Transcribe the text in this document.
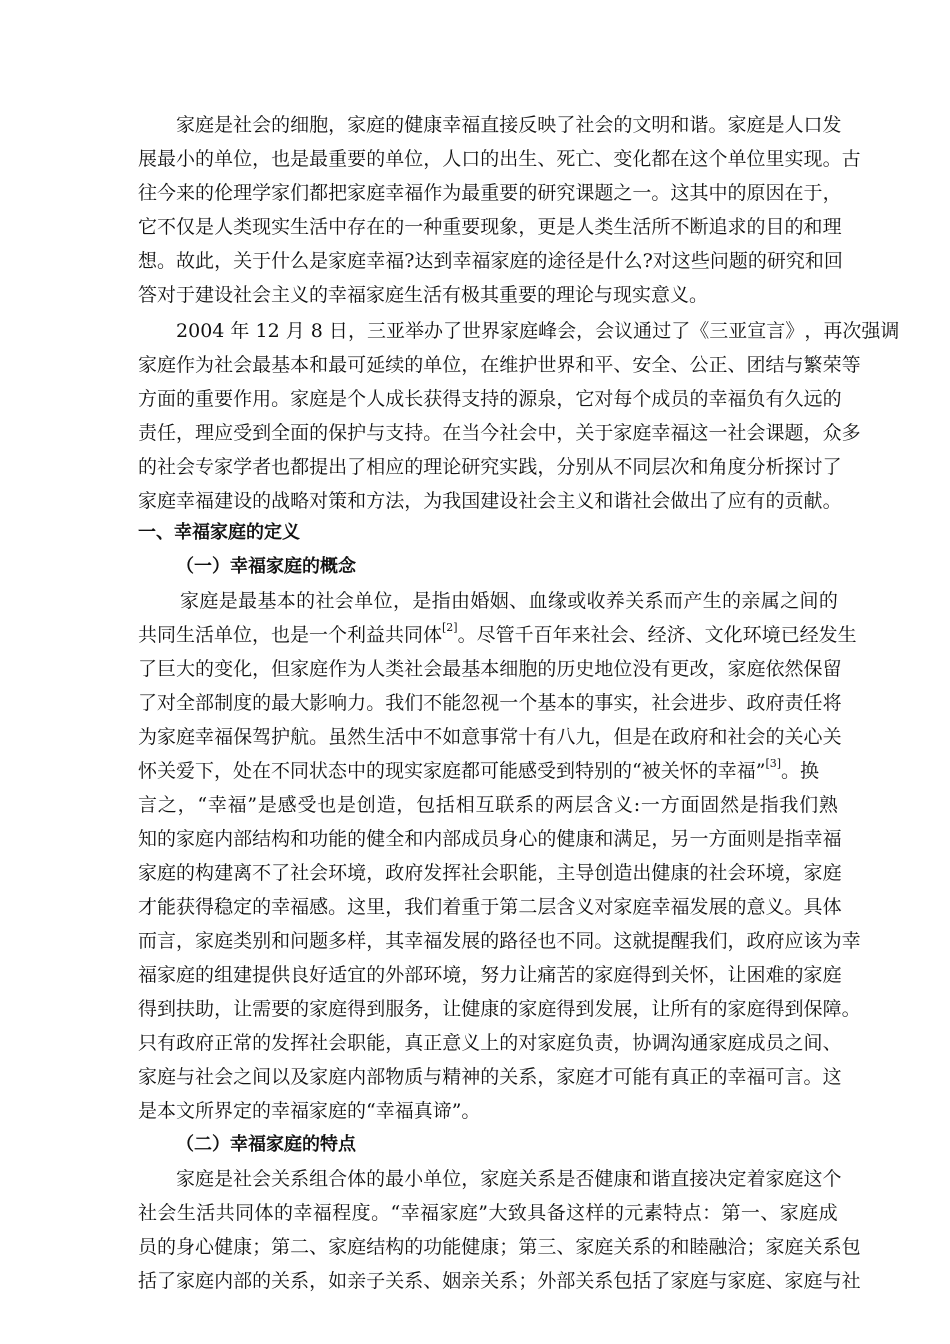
家 庭 是 社 会 的 细 胞 ， 家 庭 的 健 康 幸 福 直 接 反 映 了 社 会 的 文 明 和 谐 。 家 庭 是 人 口 发
展 最 小 的 单 位 ， 也 是 最 重 要 的 单 位 ， 人 口 的 出 生 、 死 亡 、 变 化 都 在 这 个 单 位 里 实 现 。 古
往 今 来 的 伦 理 学 家 们 都 把 家 庭 幸 福 作 为 最 重 要 的 研 究 课 题 之 一 。 这 其 中 的 原 因 在 于 ，
它 不 仅 是 人 类 现 实 生 活 中 存 在 的 一 种 重 要 现 象 ， 更 是 人 类 生 活 所 不 断 追 求 的 目 的 和 理
想 。 故 此 ， 关 于 什 么 是 家 庭 幸 福 ? 达 到 幸 福 家 庭 的 途 径 是 什 么 ? 对 这 些 问 题 的 研 究 和 回
答对于建设社会主义的幸福家庭生活有极其重要的理论与现实意义。
2 0 0 4
年
1 2
月
8
日 ， 三 亚 举 办 了 世 界 家 庭 峰 会 ， 会 议 通 过 了 《 三 亚 宣 言 》 ， 再 次 强 调
家 庭 作 为 社 会 最 基 本 和 最 可 延 续 的 单 位 ， 在 维 护 世 界 和 平 、 安 全 、 公 正 、 团 结 与 繁 荣 等
方 面 的 重 要 作 用 。 家 庭 是 个 人 成 长 获 得 支 持 的 源 泉 ， 它 对 每 个 成 员 的 幸 福 负 有 久 远 的
责 任 ， 理 应 受 到 全 面 的 保 护 与 支 持 。 在 当 今 社 会 中 ， 关 于 家 庭 幸 福 这 一 社 会 课 题 ， 众 多
的 社 会 专 家 学 者 也 都 提 出 了 相 应 的 理 论 研 究 实 践 ， 分 别 从 不 同 层 次 和 角 度 分 析 探 讨 了
家 庭 幸 福 建 设 的 战 略 对 策 和 方 法 ， 为 我 国 建 设 社 会 主 义 和 谐 社 会 做 出 了 应 有 的 贡 献 。
一、幸福家庭的定义
（一）幸福家庭的概念
家 庭 是 最 基 本 的 社 会 单 位 ， 是 指 由 婚 姻 、 血 缘 或 收 养 关 系 而 产 生 的 亲 属 之 间 的
共同生活单位，也是一个利益共同体[2] 。尽管千百年来社会、经济、文化环境已经发生
了 巨 大 的 变 化 ， 但 家 庭 作 为 人 类 社 会 最 基 本 细 胞 的 历 史 地 位 没 有 更 改 ， 家 庭 依 然 保 留
了 对 全 部 制 度 的 最 大 影 响 力 。 我 们 不 能 忽 视 一 个 基 本 的 事 实 ， 社 会 进 步 、 政 府 责 任 将
为 家 庭 幸 福 保 驾 护 航 。 虽 然 生 活 中 不 如 意 事 常 十 有 八 九 ， 但 是 在 政 府 和 社 会 的 关 心 关
怀关爱下，处在不同状态中的现实家庭都可能感受到特别的“被关怀的幸福”[3] 。换
言 之 ， “ 幸 福 ” 是 感 受 也 是 创 造 ， 包 括 相 互 联 系 的 两 层 含 义 : 一 方 面 固 然 是 指 我 们 熟
知 的 家 庭 内 部 结 构 和 功 能 的 健 全 和 内 部 成 员 身 心 的 健 康 和 满 足 ， 另 一 方 面 则 是 指 幸 福
家 庭 的 构 建 离 不 了 社 会 环 境 ， 政 府 发 挥 社 会 职 能 ， 主 导 创 造 出 健 康 的 社 会 环 境 ， 家 庭
才 能 获 得 稳 定 的 幸 福 感 。 这 里 ， 我 们 着 重 于 第 二 层 含 义 对 家 庭 幸 福 发 展 的 意 义 。 具 体
而 言 ， 家 庭 类 别 和 问 题 多 样 ， 其 幸 福 发 展 的 路 径 也 不 同 。 这 就 提 醒 我 们 ， 政 府 应 该 为 幸
福 家 庭 的 组 建 提 供 良 好 适 宜 的 外 部 环 境 ， 努 力 让 痛 苦 的 家 庭 得 到 关 怀 ， 让 困 难 的 家 庭
得 到 扶 助 ， 让 需 要 的 家 庭 得 到 服 务 ， 让 健 康 的 家 庭 得 到 发 展 ， 让 所 有 的 家 庭 得 到 保 障 。
只 有 政 府 正 常 的 发 挥 社 会 职 能 ， 真 正 意 义 上 的 对 家 庭 负 责 ， 协 调 沟 通 家 庭 成 员 之 间 、
家 庭 与 社 会 之 间 以 及 家 庭 内 部 物 质 与 精 神 的 关 系 ， 家 庭 才 可 能 有 真 正 的 幸 福 可 言 。 这
是本文所界定的幸福家庭的“幸福真谛”。
（二）幸福家庭的特点
家 庭 是 社 会 关 系 组 合 体 的 最 小 单 位 ， 家 庭 关 系 是 否 健 康 和 谐 直 接 决 定 着 家 庭 这 个
社 会 生 活 共 同 体 的 幸 福 程 度 。 “ 幸 福 家 庭 ” 大 致 具 备 这 样 的 元 素 特 点 ： 第 一 、 家 庭 成
员 的 身 心 健 康 ； 第 二 、 家 庭 结 构 的 功 能 健 康 ； 第 三 、 家 庭 关 系 的 和 睦 融 洽 ； 家 庭 关 系 包
括 了 家 庭 内 部 的 关 系 ， 如 亲 子 关 系 、 姻 亲 关 系 ； 外 部 关 系 包 括 了 家 庭 与 家 庭 、 家 庭 与 社
